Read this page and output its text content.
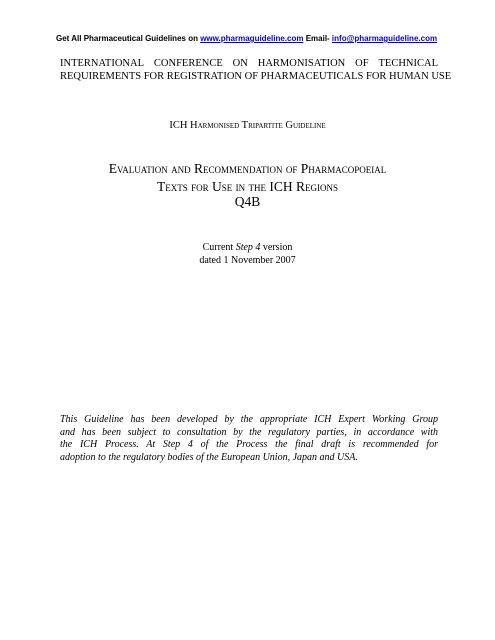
Get All Pharmaceutical Guidelines on www.pharmaguideline.com Email- info@pharmaguideline.com
INTERNATIONAL CONFERENCE ON HARMONISATION OF TECHNICAL
REQUIREMENTS FOR REGISTRATION OF PHARMACEUTICALS FOR HUMAN USE
ICH Harmonised Tripartite Guideline
Evaluation and Recommendation of Pharmacopoeial
Texts for Use in the ICH Regions
Q4B
Current Step 4 version
dated 1 November 2007
This Guideline has been developed by the appropriate ICH Expert Working Group
and has been subject to consultation by the regulatory parties, in accordance with
the ICH Process. At Step 4 of the Process the final draft is recommended for
adoption to the regulatory bodies of the European Union, Japan and USA.
